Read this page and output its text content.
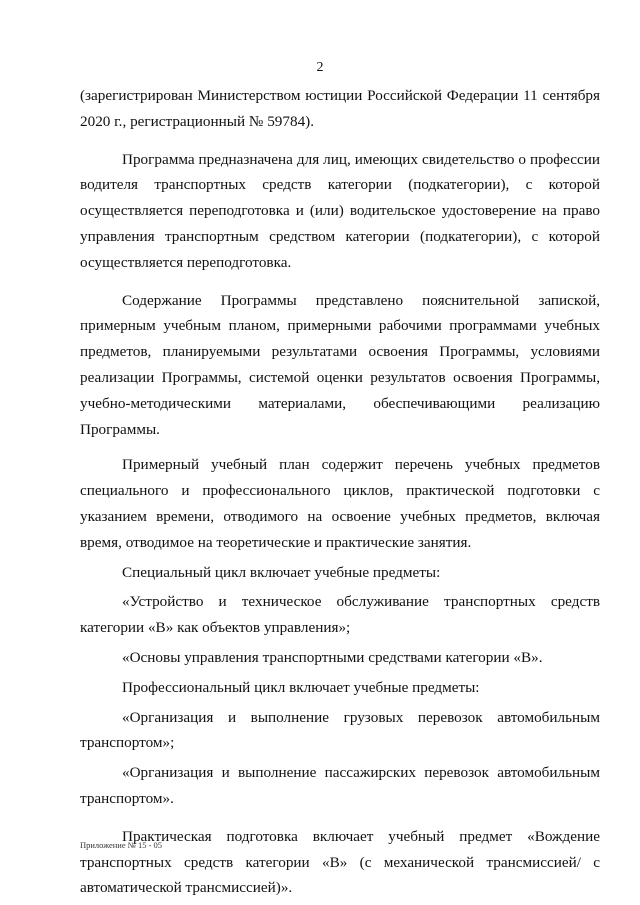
2

(зарегистрирован Министерством юстиции Российской Федерации 11 сентября 2020 г., регистрационный № 59784).

Программа предназначена для лиц, имеющих свидетельство о профессии водителя транспортных средств категории (подкатегории), с которой осуществляется переподготовка и (или) водительское удостоверение на право управления транспортным средством категории (подкатегории), с которой осуществляется переподготовка.

Содержание Программы представлено пояснительной запиской, примерным учебным планом, примерными рабочими программами учебных предметов, планируемыми результатами освоения Программы, условиями реализации Программы, системой оценки результатов освоения Программы, учебно-методическими материалами, обеспечивающими реализацию Программы.

Примерный учебный план содержит перечень учебных предметов специального и профессионального циклов, практической подготовки с указанием времени, отводимого на освоение учебных предметов, включая время, отводимое на теоретические и практические занятия.

Специальный цикл включает учебные предметы:

«Устройство и техническое обслуживание транспортных средств категории «В» как объектов управления»;

«Основы управления транспортными средствами категории «В».

Профессиональный цикл включает учебные предметы:

«Организация и выполнение грузовых перевозок автомобильным транспортом»;

«Организация и выполнение пассажирских перевозок автомобильным транспортом».

Практическая подготовка включает учебный предмет «Вождение транспортных средств категории «В» (с механической трансмиссией/ с автоматической трансмиссией)».

Приложение № 15 - 05
